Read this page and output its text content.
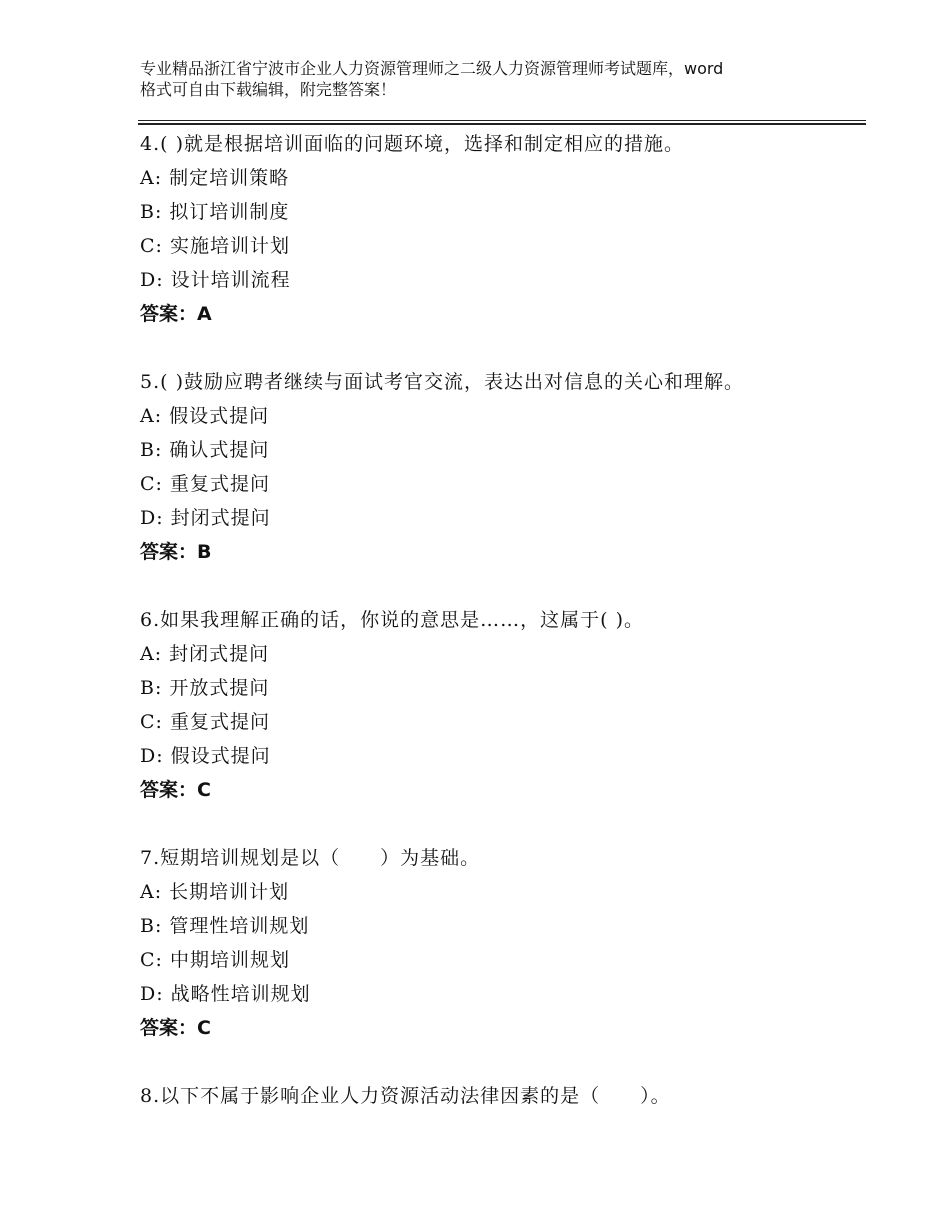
专业精品浙江省宁波市企业人力资源管理师之二级人力资源管理师考试题库，word
格式可自由下载编辑，附完整答案！
4.( )就是根据培训面临的问题环境，选择和制定相应的措施。
A: 制定培训策略
B: 拟订培训制度
C: 实施培训计划
D: 设计培训流程
答案：A
5.( )鼓励应聘者继续与面试考官交流，表达出对信息的关心和理解。
A: 假设式提问
B: 确认式提问
C: 重复式提问
D: 封闭式提问
答案：B
6.如果我理解正确的话，你说的意思是……，这属于( )。
A: 封闭式提问
B: 开放式提问
C: 重复式提问
D: 假设式提问
答案：C
7.短期培训规划是以（　　）为基础。
A: 长期培训计划
B: 管理性培训规划
C: 中期培训规划
D: 战略性培训规划
答案：C
8.以下不属于影响企业人力资源活动法律因素的是（　　）。
